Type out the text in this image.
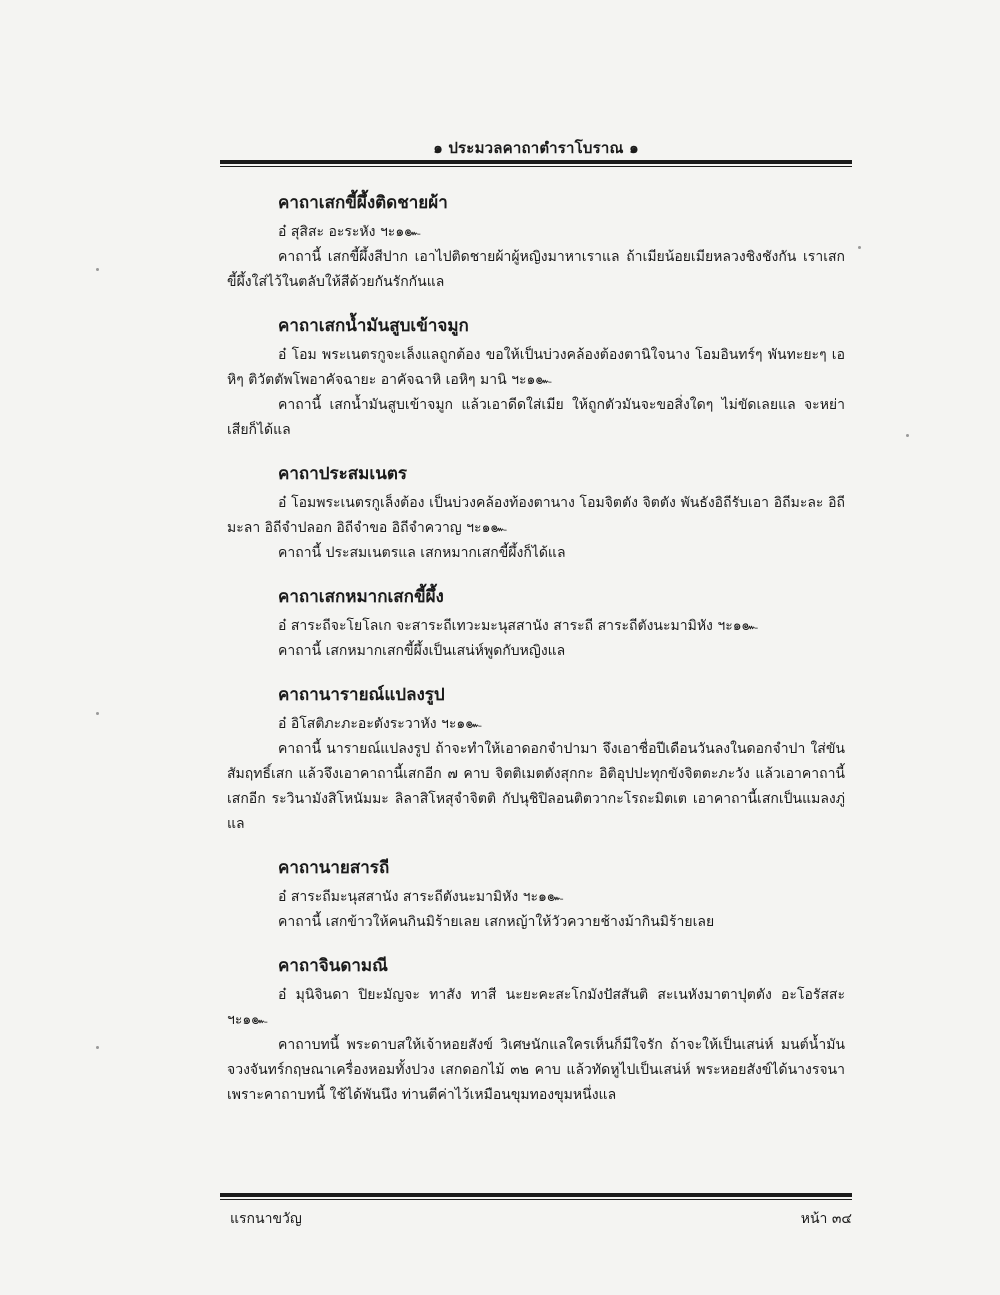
๑ ประมวลคาถาตำราโบราณ ๑
คาถาเสกขี้ผึ้งติดชายผ้า

อ๋ สุสิสะ อะระหัง ฯะ๑๛

คาถานี้ เสกขี้ผึ้งสีปาก เอาไปติดชายผ้าผู้หญิงมาหาเราแล ถ้าเมียน้อยเมียหลวงชิงชังกัน เราเสกขี้ผึ้งใส่ไว้ในตลับให้สีด้วยกันรักกันแล

คาถาเสกน้ำมันสูบเข้าจมูก

อ๋ โอม พระเนตรกูจะเล็งแลถูกต้อง ขอให้เป็นบ่วงคล้องต้องตานิใจนาง โอมอินทร์ๆ พันทะยะๆ เอหิๆ ติวัตตัพโพอาคัจฉายะ อาคัจฉาหิ เอหิๆ มานิ ฯะ๑๛

คาถานี้ เสกน้ำมันสูบเข้าจมูก แล้วเอาดีดใส่เมีย ให้ถูกตัวมันจะขอสิ่งใดๆ ไม่ขัดเลยแล จะหย่าเสียก็ได้แล

คาถาประสมเนตร

อ๋ โอมพระเนตรกูเล็งต้อง เป็นบ่วงคล้องท้องตานาง โอมจิตตัง จิตตัง พันธังอิถีรับเอา อิถีมะละ อิถีมะลา อิถีจำปลอก อิถีจำขอ อิถีจำควาญ ฯะ๑๛

คาถานี้ ประสมเนตรแล เสกหมากเสกขี้ผึ้งก็ได้แล

คาถาเสกหมากเสกขี้ผึ้ง

อ๋ สาระถีจะโยโลเก จะสาระถีเทวะมะนุสสานัง สาระถี สาระถีตังนะมามิหัง ฯะ๑๛

คาถานี้ เสกหมากเสกขี้ผึ้งเป็นเสน่ห์พูดกับหญิงแล

คาถานารายณ์แปลงรูป

อ๋ อิโสติภะภะอะตังระวาหัง ฯะ๑๛

คาถานี้ นารายณ์แปลงรูป ถ้าจะทำให้เอาดอกจำปามา จึงเอาชื่อปีเดือนวันลงในดอกจำปา ใส่ขันสัมฤทธิ์เสก แล้วจึงเอาคาถานี้เสกอีก ๗ คาบ จิตติเมตตังสุกกะ อิติอุปปะทุกขังจิตตะภะวัง แล้วเอาคาถานี้เสกอีก ระวินามังสิโหนัมมะ ลิลาสิโหสุจำจิตติ กัปนุชิปิลอนติตวากะโรถะมิตเต เอาคาถานี้เสกเป็นแมลงภู่แล

คาถานายสารถี

อ๋ สาระถีมะนุสสานัง สาระถีตังนะมามิหัง ฯะ๑๛

คาถานี้ เสกข้าวให้คนกินมิร้ายเลย เสกหญ้าให้วัวควายช้างม้ากินมิร้ายเลย

คาถาจินดามณี

อ๋ มุนิจินดา ปิยะมัญจะ ทาสัง ทาสี นะยะคะสะโกมังปัสสันติ สะเนหังมาตาปุตตัง อะโอรัสสะ ฯะ๑๛

คาถาบทนี้ พระดาบสให้เจ้าหอยสังข์ วิเศษนักแลใครเห็นก็มีใจรัก ถ้าจะให้เป็นเสน่ห์ มนต์น้ำมันจวงจันทร์กฤษณาเครื่องหอมทั้งปวง เสกดอกไม้ ๓๒ คาบ แล้วทัดหูไปเป็นเสน่ห์ พระหอยสังข์ได้นางรจนาเพราะคาถาบทนี้ ใช้ได้พันนึง ท่านตีค่าไว้เหมือนขุมทองขุมหนึ่งแล

แรกนาขวัญ	หน้า ๓๔
